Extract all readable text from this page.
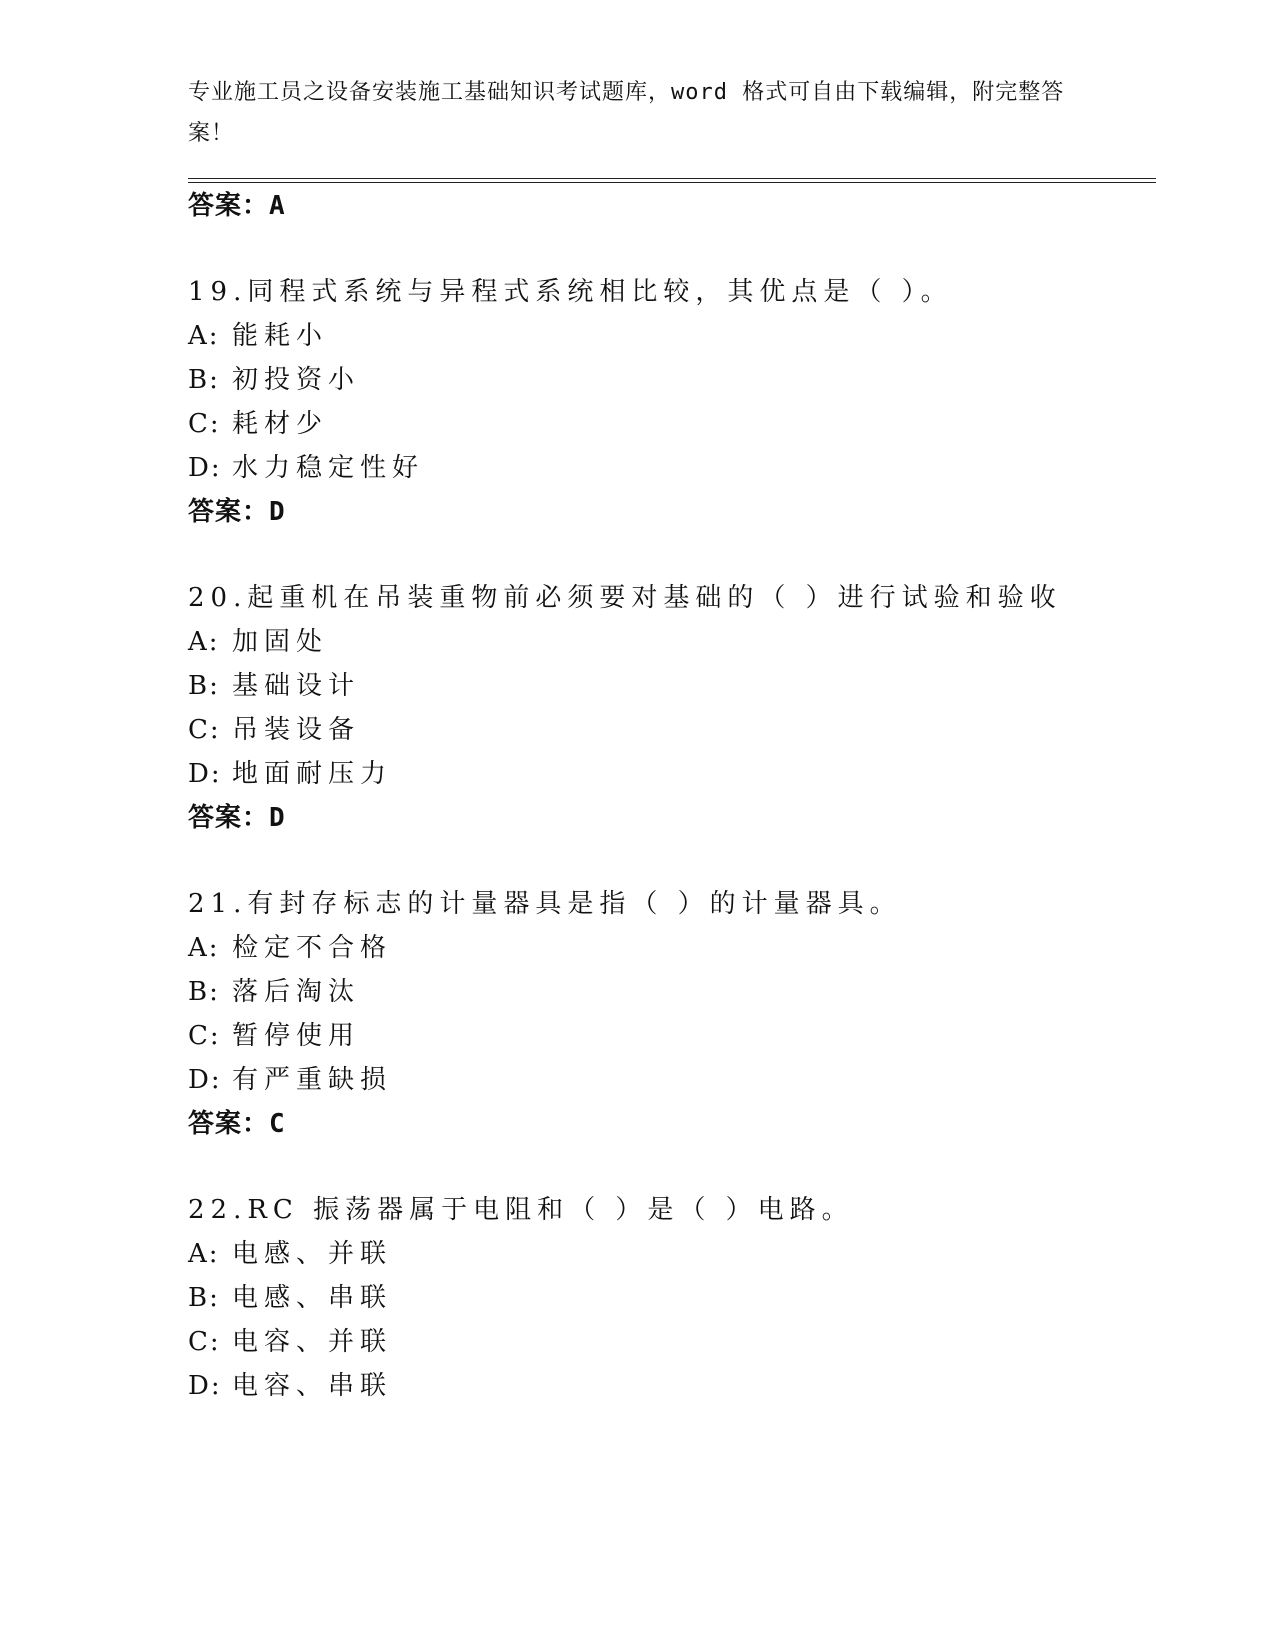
专业施工员之设备安装施工基础知识考试题库，word 格式可自由下载编辑，附完整答案！
答案：A
19.同程式系统与异程式系统相比较，其优点是（ ）。
A: 能耗小
B: 初投资小
C: 耗材少
D: 水力稳定性好
答案：D
20.起重机在吊装重物前必须要对基础的（ ）进行试验和验收
A: 加固处
B: 基础设计
C: 吊装设备
D: 地面耐压力
答案：D
21.有封存标志的计量器具是指（ ）的计量器具。
A: 检定不合格
B: 落后淘汰
C: 暂停使用
D: 有严重缺损
答案：C
22.RC 振荡器属于电阻和（ ）是（ ）电路。
A: 电感、并联
B: 电感、串联
C: 电容、并联
D: 电容、串联
